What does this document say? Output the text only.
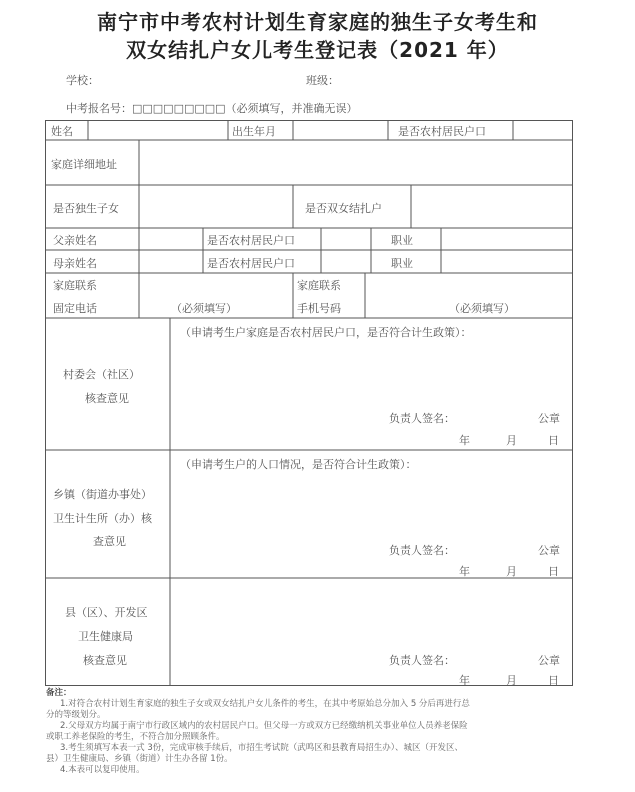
南宁市中考农村计划生育家庭的独生子女考生和
双女结扎户女儿考生登记表（2021 年）
学校：	班级：
中考报名号：□□□□□□□□□（必须填写，并准确无误）
姓名	出生年月	是否农村居民户口
家庭详细地址
是否独生子女	是否双女结扎户
父亲姓名	是否农村居民户口	职业
母亲姓名	是否农村居民户口	职业
家庭联系
固定电话	（必须填写）
家庭联系
手机号码	（必须填写）
村委会（社区）
核查意见
（申请考生户家庭是否农村居民户口，是否符合计生政策）：
负责人签名：	公章
年	月	日
乡镇（街道办事处）
卫生计生所（办）核
查意见
（申请考生户的人口情况，是否符合计生政策）：
负责人签名：	公章
年	月	日
县（区）、开发区
卫生健康局
核查意见	负责人签名：	公章
年	月	日
备注：
1.对符合农村计划生育家庭的独生子女或双女结扎户女儿条件的考生，在其中考原始总分加入 5 分后再进行总
分的等级划分。
2.父母双方均属于南宁市行政区域内的农村居民户口。但父母一方或双方已经缴纳机关事业单位人员养老保险
或职工养老保险的考生，不符合加分照顾条件。
3.考生须填写本表一式 3份，完成审核手续后，市招生考试院（武鸣区和县教育局招生办）、城区（开发区、
县）卫生健康局、乡镇（街道）计生办各留 1份。
4.本表可以复印使用。
